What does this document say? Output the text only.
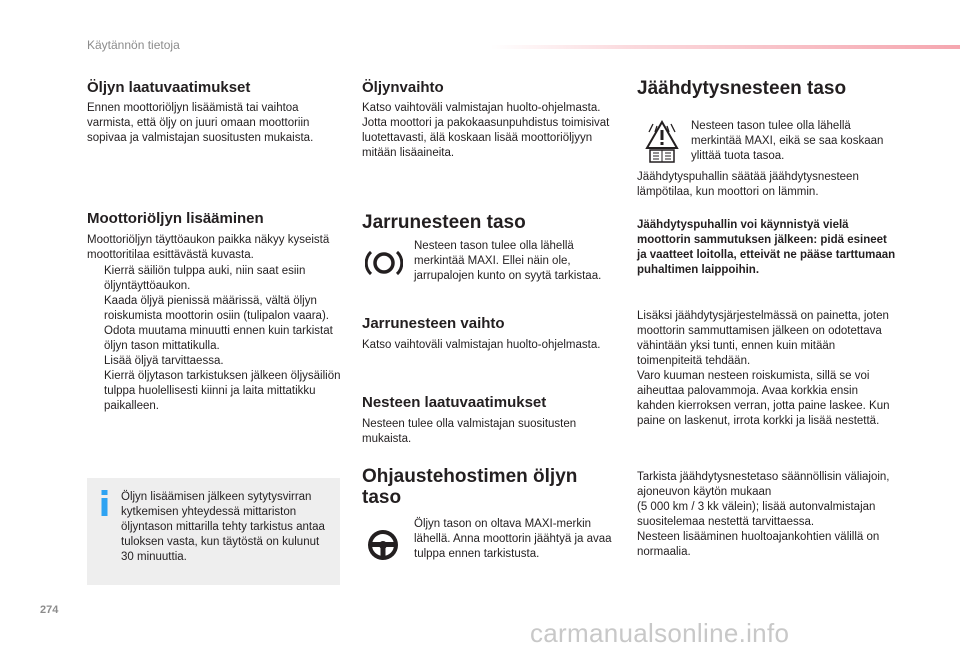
Käytännön tietoja
Öljyn laatuvaatimukset

Ennen moottoriöljyn lisäämistä tai vaihtoa varmista, että öljy on juuri omaan moottoriin sopivaa ja valmistajan suositusten mukaista.

Moottoriöljyn lisääminen

Moottoriöljyn täyttöaukon paikka näkyy kyseistä moottoritilaa esittävästä kuvasta.

Kierrä säiliön tulppa auki, niin saat esiin öljyntäyttöaukon.
Kaada öljyä pienissä määrissä, vältä öljyn roiskumista moottorin osiin (tulipalon vaara).
Odota muutama minuutti ennen kuin tarkistat öljyn tason mittatikulla.
Lisää öljyä tarvittaessa.
Kierrä öljytason tarkistuksen jälkeen öljysäiliön tulppa huolellisesti kiinni ja laita mittatikku paikalleen.

Öljyn lisäämisen jälkeen sytytysvirran kytkemisen yhteydessä mittariston öljyntason mittarilla tehty tarkistus antaa tuloksen vasta, kun täytöstä on kulunut 30 minuuttia.

Öljynvaihto

Katso vaihtoväli valmistajan huolto-ohjelmasta. Jotta moottori ja pakokaasunpuhdistus toimisivat luotettavasti, älä koskaan lisää moottoriöljyyn mitään lisäaineita.

Jarrunesteen taso

Nesteen tason tulee olla lähellä merkintää MAXI. Ellei näin ole, jarrupalojen kunto on syytä tarkistaa.

Jarrunesteen vaihto

Katso vaihtoväli valmistajan huolto-ohjelmasta.

Nesteen laatuvaatimukset

Nesteen tulee olla valmistajan suositusten mukaista.

Ohjaustehostimen öljyn
taso

Öljyn tason on oltava MAXI-merkin lähellä. Anna moottorin jäähtyä ja avaa tulppa ennen tarkistusta.

Jäähdytysnesteen taso

Nesteen tason tulee olla lähellä merkintää MAXI, eikä se saa koskaan ylittää tuota tasoa.

Jäähdytyspuhallin säätää jäähdytysnesteen lämpötilaa, kun moottori on lämmin.

Jäähdytyspuhallin voi käynnistyä vielä moottorin sammutuksen jälkeen: pidä esineet ja vaatteet loitolla, etteivät ne pääse tarttumaan puhaltimen laippoihin.

Lisäksi jäähdytysjärjestelmässä on painetta, joten moottorin sammuttamisen jälkeen on odotettava vähintään yksi tunti, ennen kuin mitään toimenpiteitä tehdään.
Varo kuuman nesteen roiskumista, sillä se voi aiheuttaa palovammoja. Avaa korkkia ensin kahden kierroksen verran, jotta paine laskee. Kun paine on laskenut, irrota korkki ja lisää nestettä.

Tarkista jäähdytysnestetaso säännöllisin väliajoin, ajoneuvon käytön mukaan
(5 000 km / 3 kk välein); lisää autonvalmistajan suositelemaa nestettä tarvittaessa.
Nesteen lisääminen huoltoajankohtien välillä on normaalia.

274
carmanualsonline.info
